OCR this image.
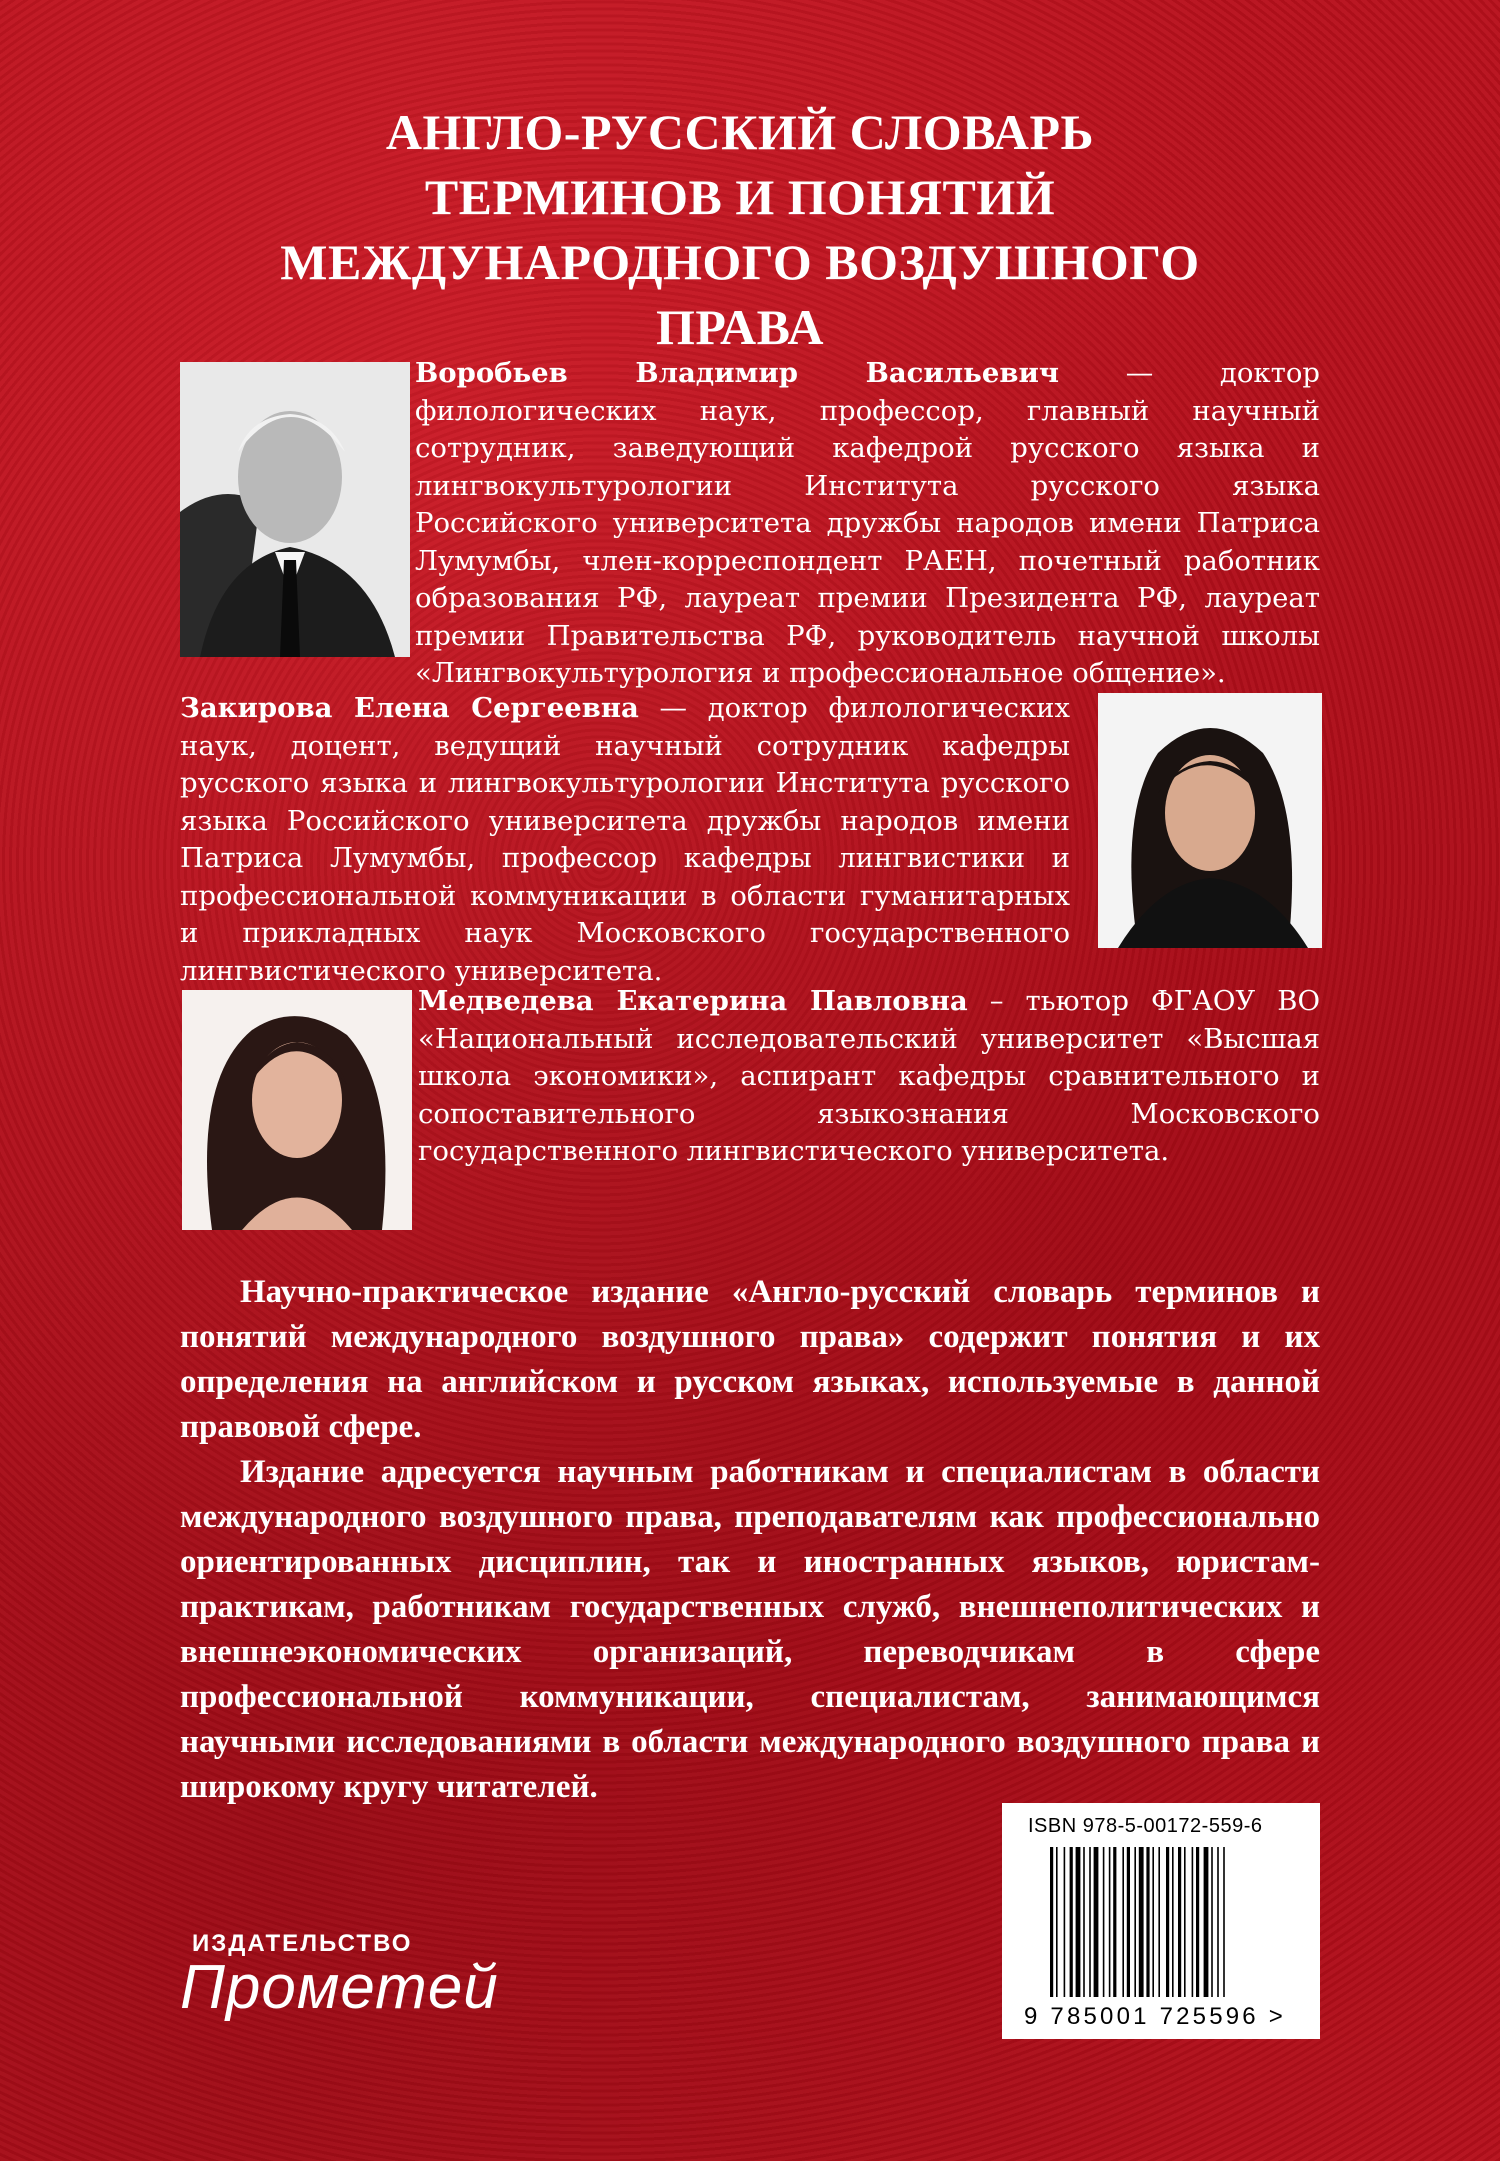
АНГЛО-РУССКИЙ СЛОВАРЬ
ТЕРМИНОВ И ПОНЯТИЙ
МЕЖДУНАРОДНОГО ВОЗДУШНОГО
ПРАВА
Воробьев Владимир Васильевич — доктор филологических наук, профессор, главный научный сотрудник, заведующий кафедрой русского языка и лингвокультурологии Института русского языка Российского университета дружбы народов имени Патриса Лумумбы, член-корреспондент РАЕН, почетный работник образования РФ, лауреат премии Президента РФ, лауреат премии Правительства РФ, руководитель научной школы «Лингвокультурология и профессиональное общение».
Закирова Елена Сергеевна — доктор филологических наук, доцент, ведущий научный сотрудник кафедры русского языка и лингвокультурологии Института русского языка Российского университета дружбы народов имени Патриса Лумумбы, профессор кафедры лингвистики и профессиональной коммуникации в области гуманитарных и прикладных наук Московского государственного лингвистического университета.
Медведева Екатерина Павловна – тьютор ФГАОУ ВО «Национальный исследовательский университет «Высшая школа экономики», аспирант кафедры сравнительного и сопоставительного языкознания Московского государственного лингвистического университета.

Научно-практическое издание «Англо-русский словарь терминов и понятий международного воздушного права» содержит понятия и их определения на английском и русском языках, используемые в данной правовой сфере.

Издание адресуется научным работникам и специалистам в области международного воздушного права, преподавателям как профессионально ориентированных дисциплин, так и иностранных языков, юристам-практикам, работникам государственных служб, внешнеполитических и внешнеэкономических организаций, переводчикам в сфере профессиональной коммуникации, специалистам, занимающимся научными исследованиями в области международного воздушного права и широкому кругу читателей.

ISBN 978-5-00172-559-6
9 785001 725596 >
ИЗДАТЕЛЬСТВО
Прометей
